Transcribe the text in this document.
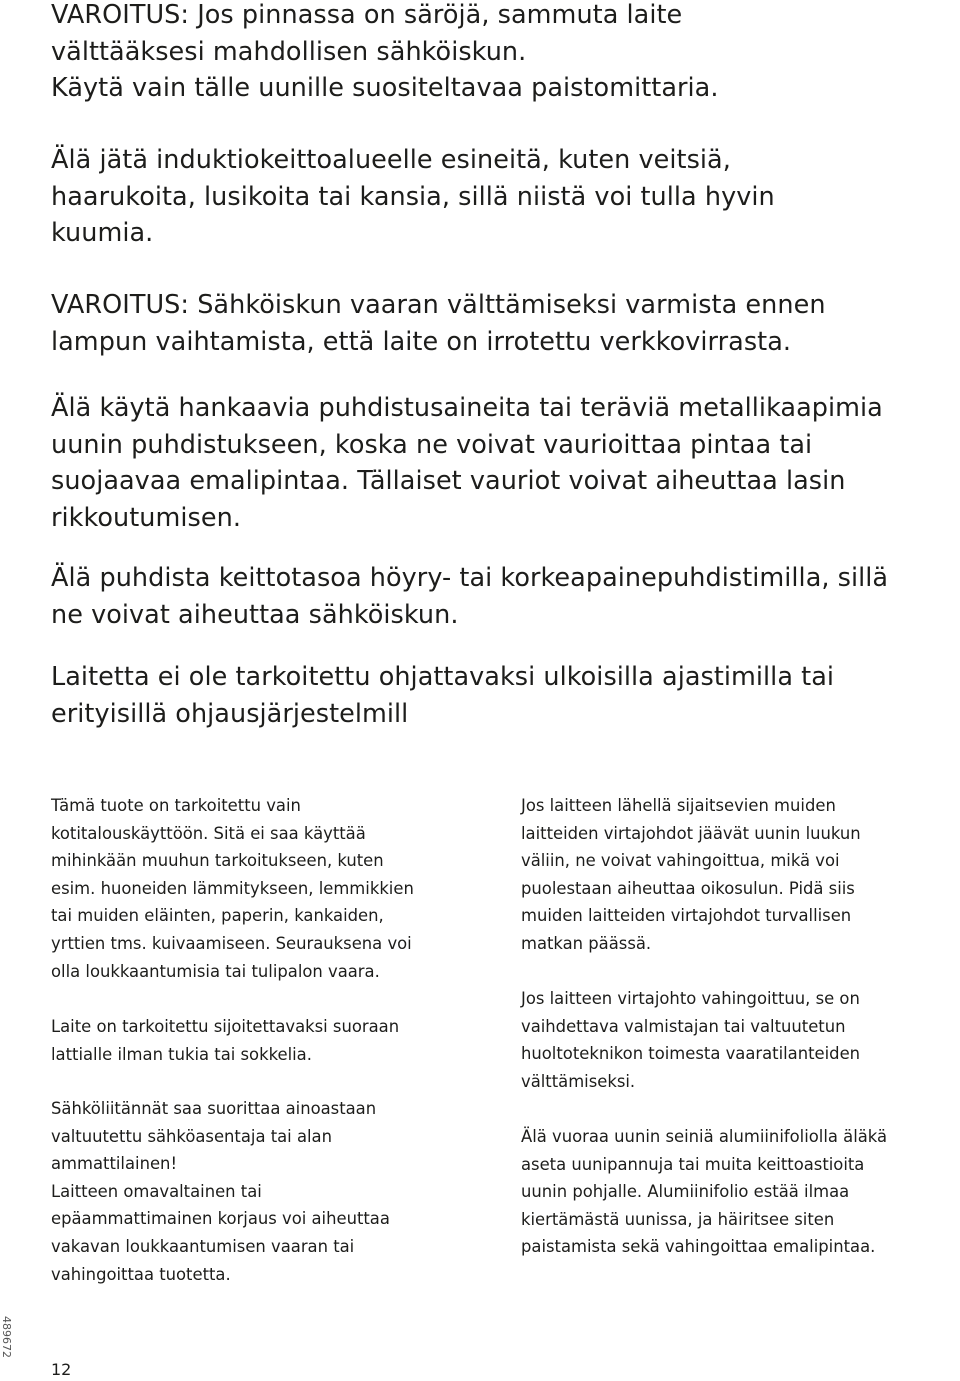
VAROITUS: Jos pinnassa on säröjä, sammuta laite
välttääksesi mahdollisen sähköiskun.
Käytä vain tälle uunille suositeltavaa paistomittaria.

Älä jätä induktiokeittoalueelle esineitä, kuten veitsiä,
haarukoita, lusikoita tai kansia, sillä niistä voi tulla hyvin
kuumia.

VAROITUS: Sähköiskun vaaran välttämiseksi varmista ennen
lampun vaihtamista, että laite on irrotettu verkkovirrasta.

Älä käytä hankaavia puhdistusaineita tai teräviä metallikaapimia
uunin puhdistukseen, koska ne voivat vaurioittaa pintaa tai
suojaavaa emalipintaa. Tällaiset vauriot voivat aiheuttaa lasin
rikkoutumisen.

Älä puhdista keittotasoa höyry- tai korkeapainepuhdistimilla, sillä
ne voivat aiheuttaa sähköiskun.

Laitetta ei ole tarkoitettu ohjattavaksi ulkoisilla ajastimilla tai
erityisillä ohjausjärjestelmill

Tämä tuote on tarkoitettu vain
kotitalouskäyttöön. Sitä ei saa käyttää
mihinkään muuhun tarkoitukseen, kuten
esim. huoneiden lämmitykseen, lemmikkien
tai muiden eläinten, paperin, kankaiden,
yrttien tms. kuivaamiseen. Seurauksena voi
olla loukkaantumisia tai tulipalon vaara.

Laite on tarkoitettu sijoitettavaksi suoraan
lattialle ilman tukia tai sokkelia.

Sähköliitännät saa suorittaa ainoastaan
valtuutettu sähköasentaja tai alan
ammattilainen!
Laitteen omavaltainen tai
epäammattimainen korjaus voi aiheuttaa
vakavan loukkaantumisen vaaran tai
vahingoittaa tuotetta.

Jos laitteen lähellä sijaitsevien muiden
laitteiden virtajohdot jäävät uunin luukun
väliin, ne voivat vahingoittua, mikä voi
puolestaan aiheuttaa oikosulun. Pidä siis
muiden laitteiden virtajohdot turvallisen
matkan päässä.

Jos laitteen virtajohto vahingoittuu, se on
vaihdettava valmistajan tai valtuutetun
huoltoteknikon toimesta vaaratilanteiden
välttämiseksi.

Älä vuoraa uunin seiniä alumiinifoliolla äläkä
aseta uunipannuja tai muita keittoastioita
uunin pohjalle. Alumiinifolio estää ilmaa
kiertämästä uunissa, ja häiritsee siten
paistamista sekä vahingoittaa emalipintaa.

489672

12
